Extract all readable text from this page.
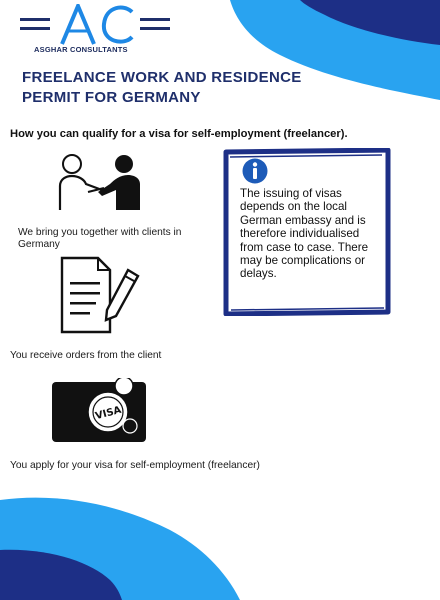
ASGHAR CONSULTANTS
FREELANCE WORK AND RESIDENCE
PERMIT FOR GERMANY
How you can qualify for a visa for self-employment (freelancer).
We bring you together with clients in Germany
You receive orders from the client
VISA
You apply for your visa for self-employment (freelancer)
The issuing of visas depends on the local German embassy and is therefore individualised from case to case. There may be complications or delays.
